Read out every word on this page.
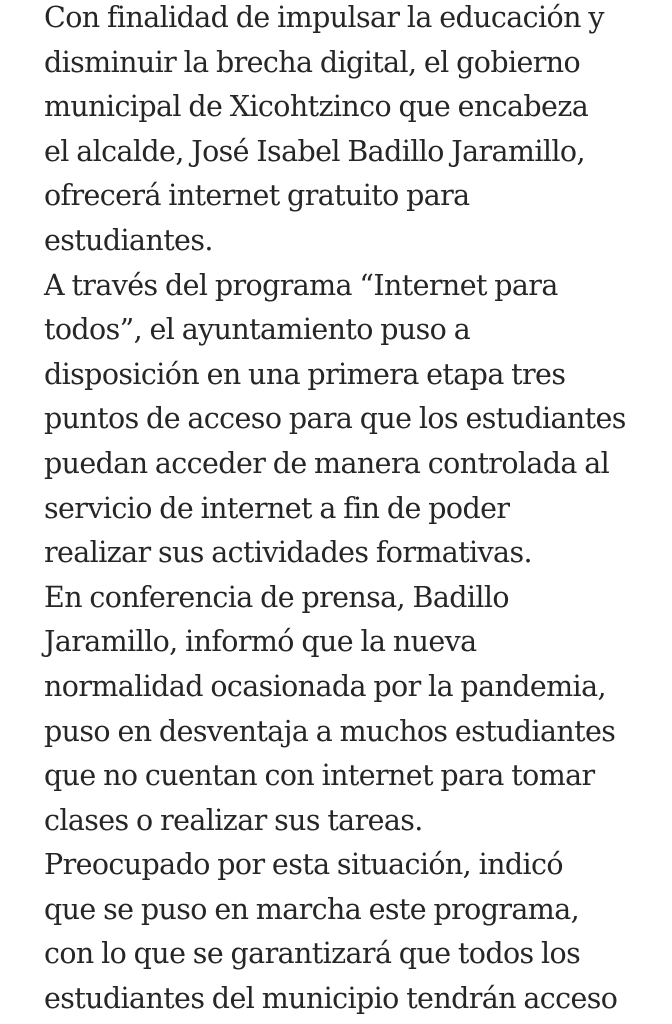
Con finalidad de impulsar la educación y
disminuir la brecha digital, el gobierno
municipal de Xicohtzinco que encabeza
el alcalde, José Isabel Badillo Jaramillo,
ofrecerá internet gratuito para
estudiantes.

A través del programa “Internet para
todos”, el ayuntamiento puso a
disposición en una primera etapa tres
puntos de acceso para que los estudiantes
puedan acceder de manera controlada al
servicio de internet a fin de poder
realizar sus actividades formativas.

En conferencia de prensa, Badillo
Jaramillo, informó que la nueva
normalidad ocasionada por la pandemia,
puso en desventaja a muchos estudiantes
que no cuentan con internet para tomar
clases o realizar sus tareas.

Preocupado por esta situación, indicó
que se puso en marcha este programa,
con lo que se garantizará que todos los
estudiantes del municipio tendrán acceso
